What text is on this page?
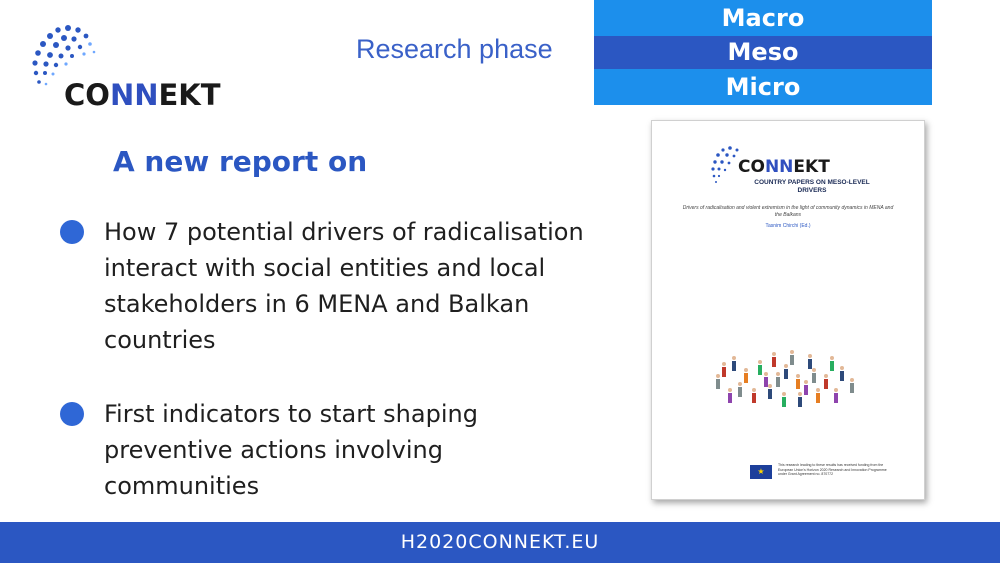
CONNEKT
Research phase
Macro
Meso
Micro
A new report on
How 7 potential drivers of radicalisation interact with social entities and local stakeholders in 6 MENA and Balkan countries
First indicators to start shaping preventive actions involving communities
CONNEKT
COUNTRY PAPERS ON MESO-LEVEL DRIVERS
Drivers of radicalisation and violent extremism in the light of community dynamics in MENA and the Balkans
Tasnim Chirchi (Ed.)
★
This research leading to these results has received funding from the European Union's Horizon 2020 Research and Innovation Programme under Grant Agreement no. 870772
H2020CONNEKT.EU
